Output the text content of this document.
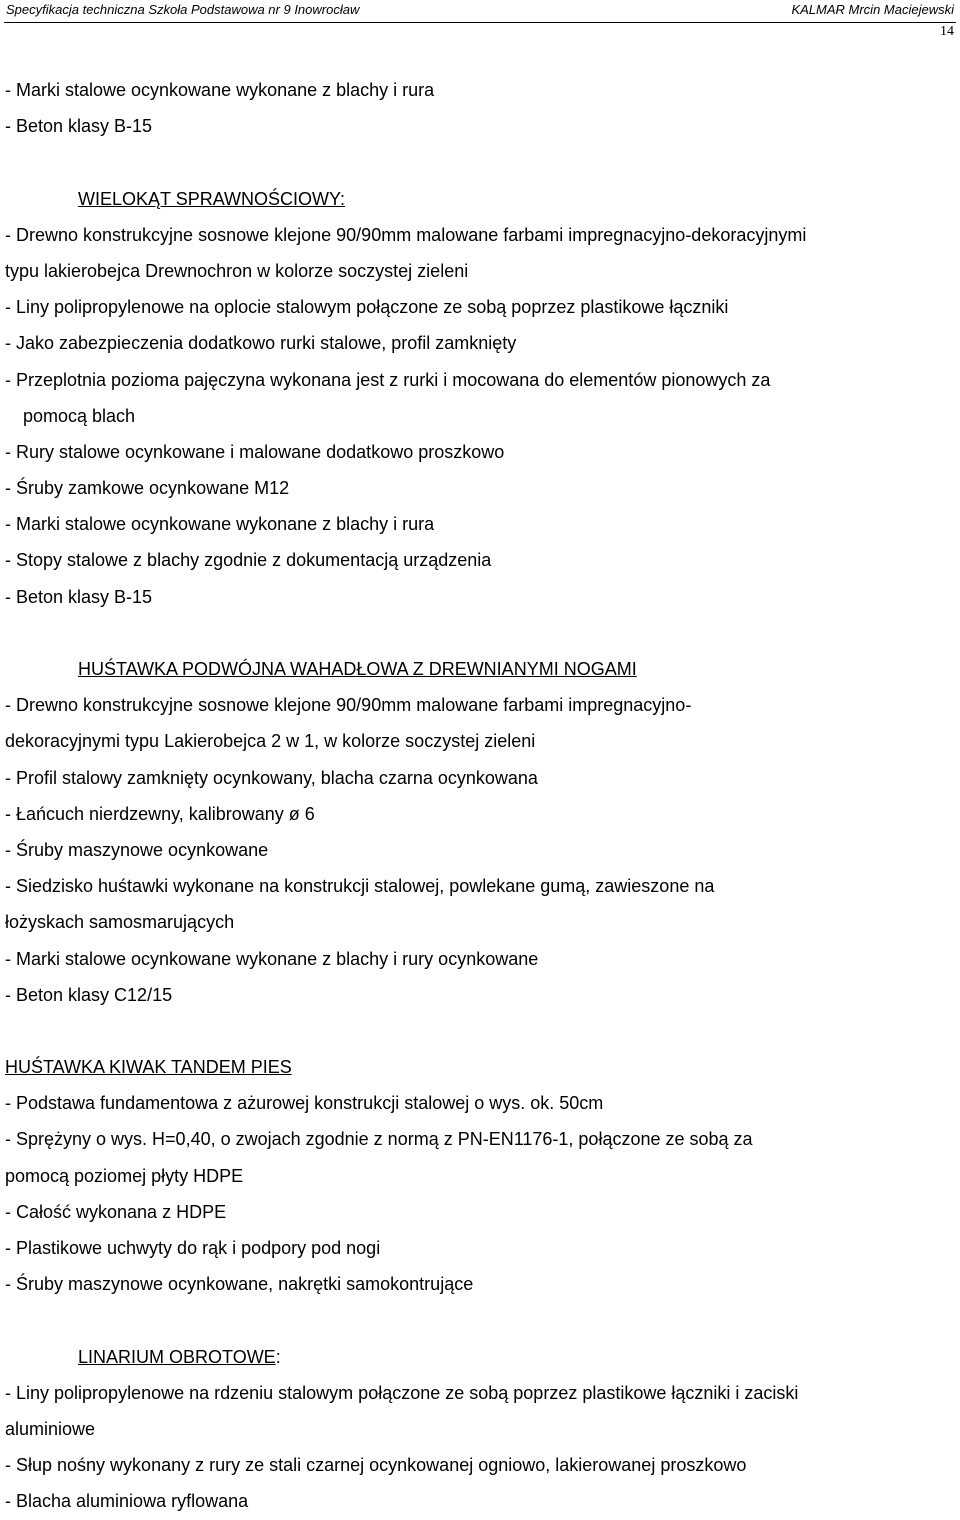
Specyfikacja techniczna Szkoła Podstawowa nr 9 Inowrocław	KALMAR Mrcin Maciejewski
14
- Marki stalowe ocynkowane wykonane z blachy i rura
- Beton klasy B-15
WIELOKĄT SPRAWNOŚCIOWY:
- Drewno konstrukcyjne sosnowe klejone 90/90mm malowane farbami impregnacyjno-dekoracyjnymi
typu lakierobejca Drewnochron w kolorze soczystej zieleni
- Liny polipropylenowe na oplocie stalowym połączone ze sobą poprzez plastikowe łączniki
- Jako zabezpieczenia dodatkowo rurki stalowe, profil zamknięty
- Przeplotnia pozioma pajęczyna wykonana jest z rurki i mocowana do elementów pionowych za
pomocą blach
- Rury stalowe ocynkowane i malowane dodatkowo proszkowo
- Śruby zamkowe ocynkowane M12
- Marki stalowe ocynkowane wykonane z blachy i rura
- Stopy stalowe z blachy zgodnie z dokumentacją urządzenia
- Beton klasy B-15
HUŚTAWKA PODWÓJNA WAHADŁOWA Z DREWNIANYMI NOGAMI
- Drewno konstrukcyjne sosnowe klejone 90/90mm malowane farbami impregnacyjno-
dekoracyjnymi typu Lakierobejca 2 w 1, w kolorze soczystej zieleni
- Profil stalowy zamknięty ocynkowany, blacha czarna ocynkowana
- Łańcuch nierdzewny, kalibrowany ø 6
- Śruby maszynowe ocynkowane
- Siedzisko huśtawki wykonane na konstrukcji stalowej, powlekane gumą, zawieszone na
łożyskach samosmarujących
- Marki stalowe ocynkowane wykonane z blachy i rury ocynkowane
- Beton klasy C12/15
HUŚTAWKA KIWAK TANDEM PIES
- Podstawa fundamentowa z ażurowej konstrukcji stalowej o wys. ok. 50cm
- Sprężyny o wys. H=0,40, o zwojach zgodnie z normą z PN-EN1176-1, połączone ze sobą za
pomocą poziomej płyty HDPE
- Całość wykonana z HDPE
- Plastikowe uchwyty do rąk i podpory pod nogi
- Śruby maszynowe ocynkowane, nakrętki samokontrujące
LINARIUM OBROTOWE:
- Liny polipropylenowe na rdzeniu stalowym połączone ze sobą poprzez plastikowe łączniki i zaciski
aluminiowe
- Słup nośny wykonany z rury ze stali czarnej ocynkowanej ogniowo, lakierowanej proszkowo
- Blacha aluminiowa ryflowana
